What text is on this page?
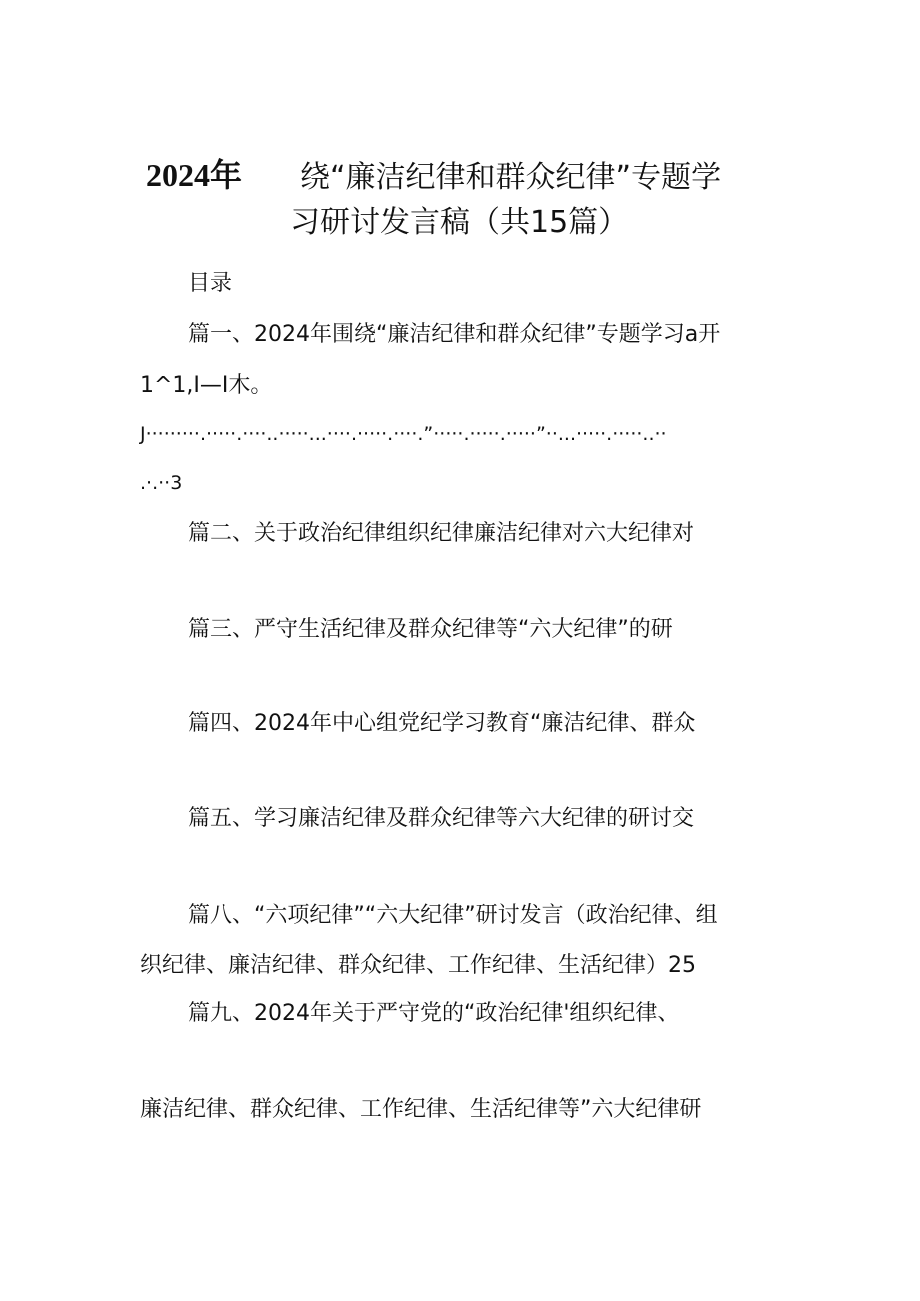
2024年 绕“廉洁纪律和群众纪律”专题学
习研讨发言稿（共15篇）
目录
篇一、2024年围绕“廉洁纪律和群众纪律”专题学习a开
1^1,I—I木。
J·········.·····.····..·····...····.·····.····.”·····.·····.·····”··...·····.·····..··
.·.··3
篇二、关于政治纪律组织纪律廉洁纪律对六大纪律对
篇三、严守生活纪律及群众纪律等“六大纪律”的研
篇四、2024年中心组党纪学习教育“廉洁纪律、群众
篇五、学习廉洁纪律及群众纪律等六大纪律的研讨交
篇八、“六项纪律”“六大纪律”研讨发言（政治纪律、组
织纪律、廉洁纪律、群众纪律、工作纪律、生活纪律）25
篇九、2024年关于严守党的“政治纪律'组织纪律、
廉洁纪律、群众纪律、工作纪律、生活纪律等”六大纪律研
